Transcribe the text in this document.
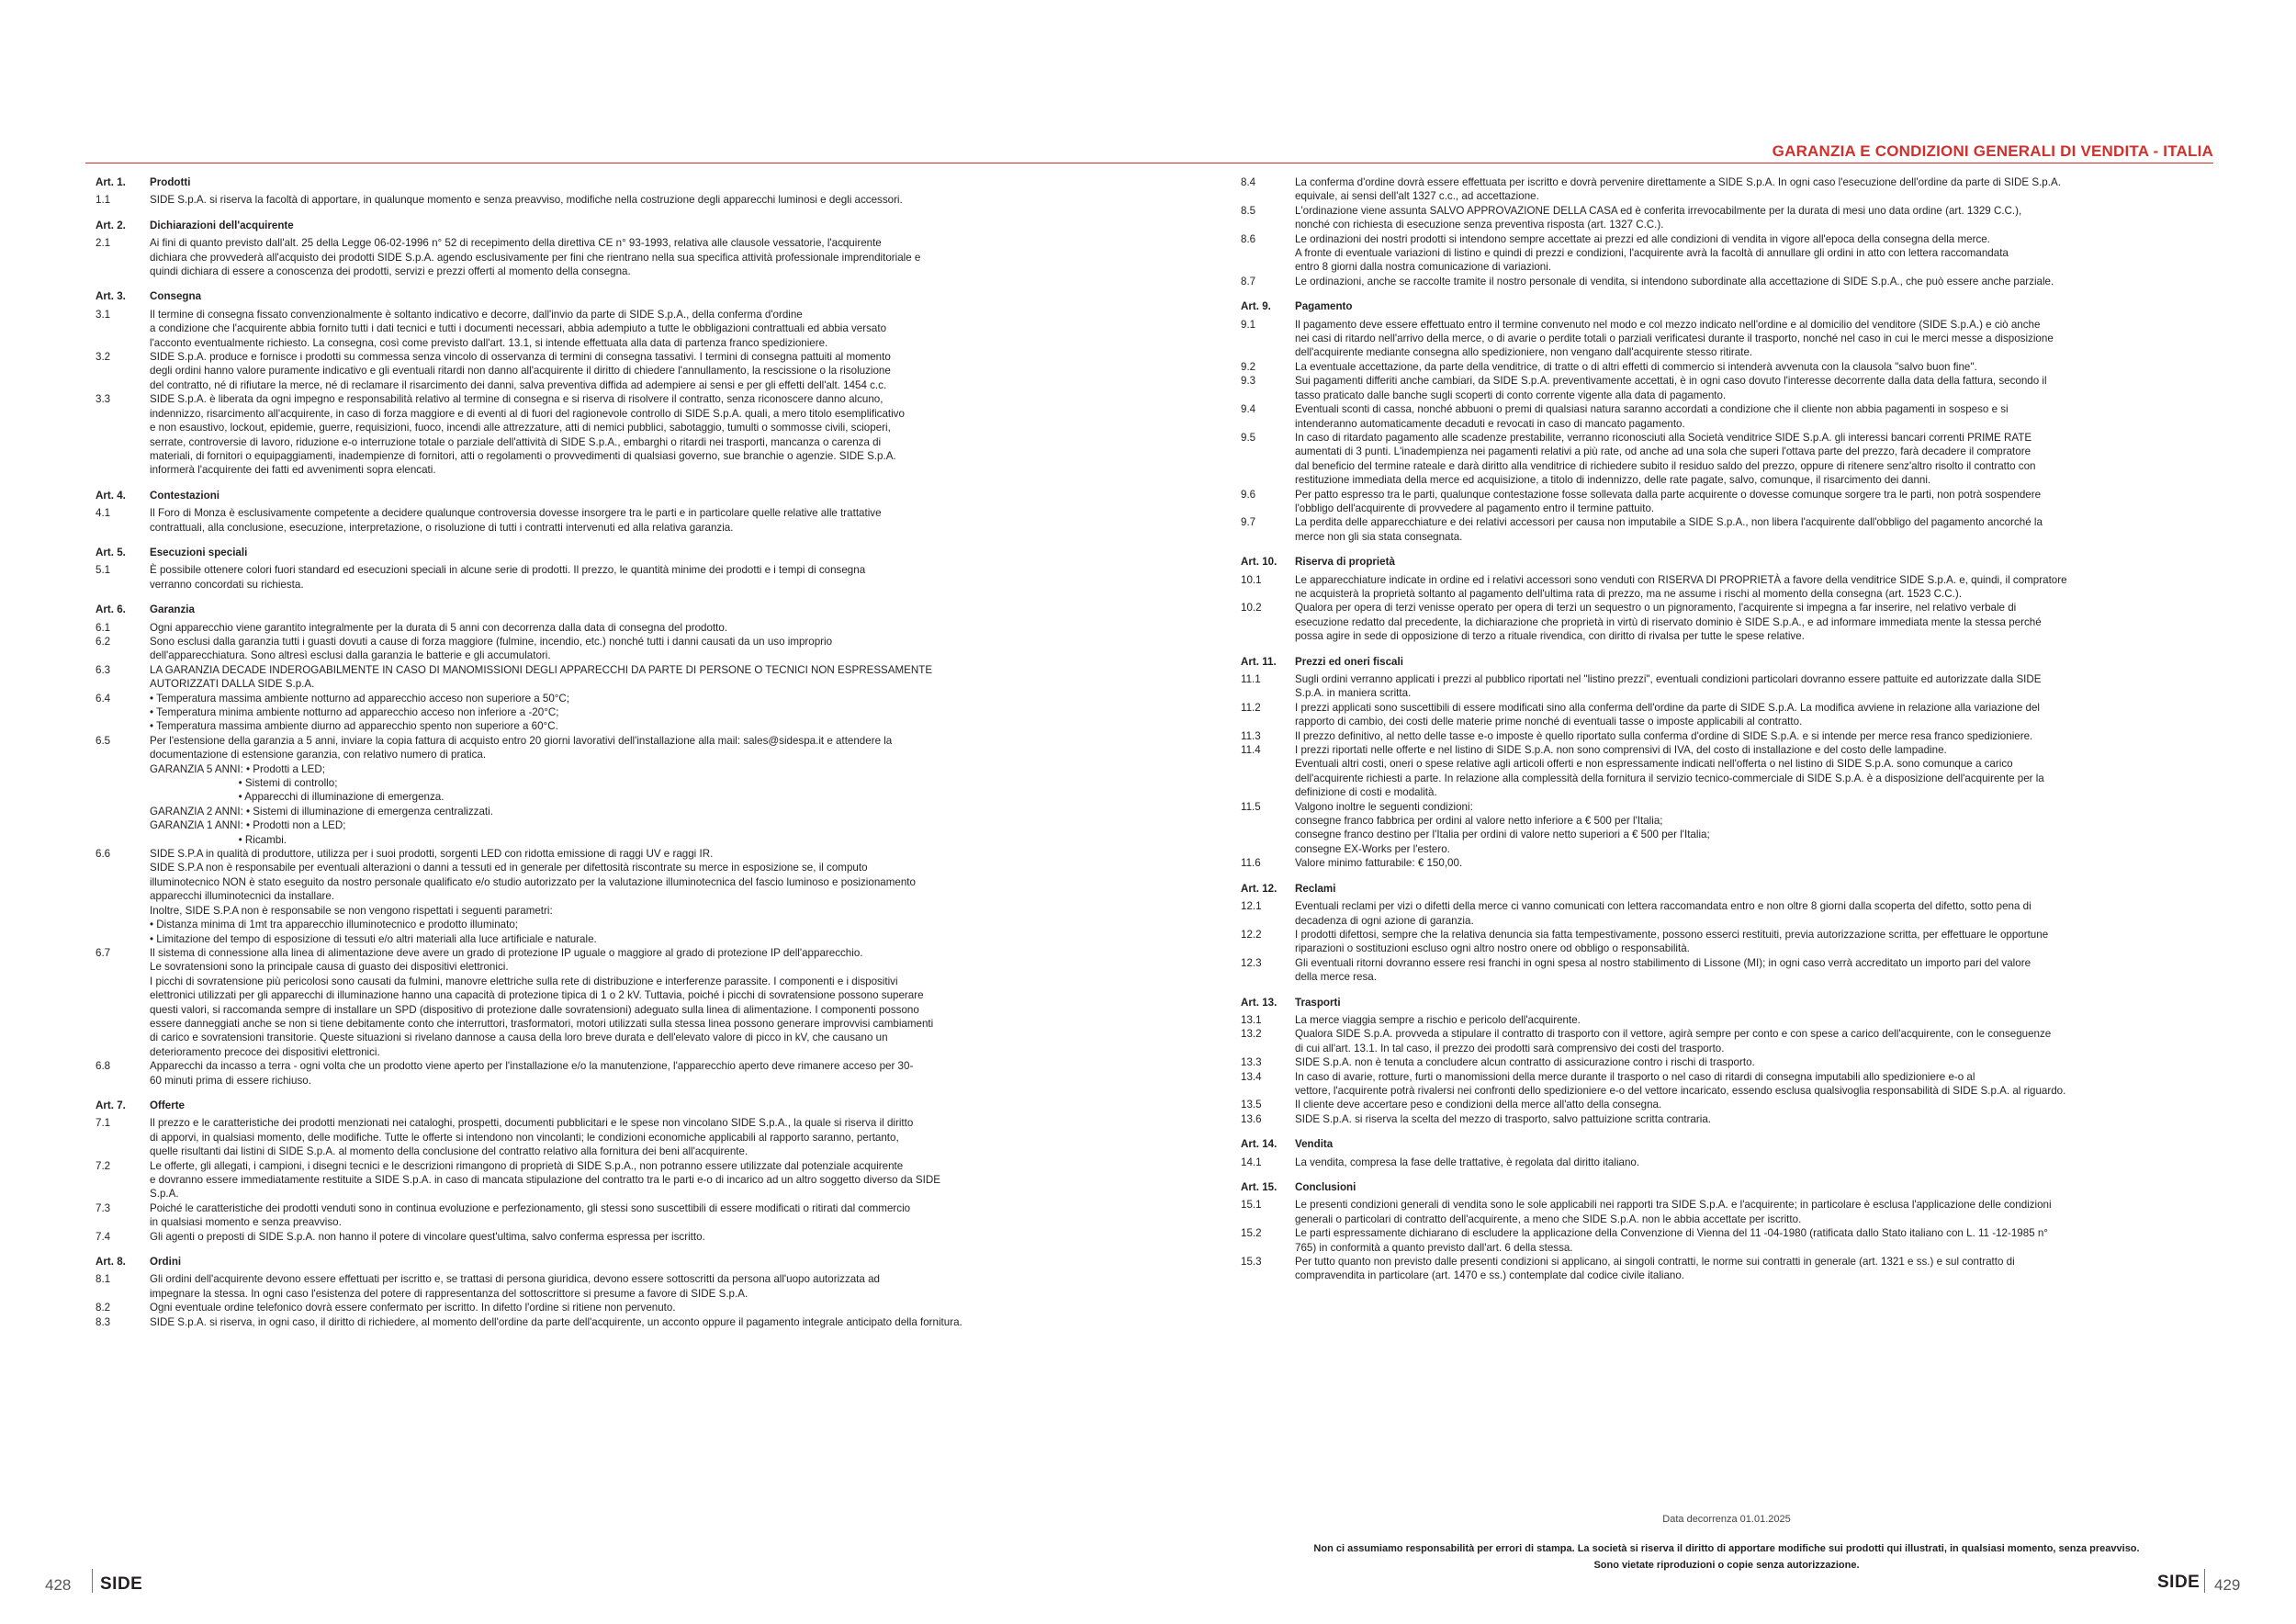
GARANZIA E CONDIZIONI GENERALI DI VENDITA - ITALIA
Art. 1.	Prodotti
1.1	SIDE S.p.A. si riserva la facoltà di apportare, in qualunque momento e senza preavviso, modifiche nella costruzione degli apparecchi luminosi e degli accessori.
Art. 2.	Dichiarazioni dell'acquirente
2.1	Ai fini di quanto previsto dall'alt. 25 della Legge 06-02-1996 n° 52 di recepimento della direttiva CE n° 93-1993, relativa alle clausole vessatorie, l'acquirente
dichiara che provvederà all'acquisto dei prodotti SIDE S.p.A. agendo esclusivamente per fini che rientrano nella sua specifica attività professionale imprenditoriale e
quindi dichiara di essere a conoscenza dei prodotti, servizi e prezzi offerti al momento della consegna.
Art. 3.	Consegna
3.1	Il termine di consegna fissato convenzionalmente è soltanto indicativo e decorre, dall'invio da parte di SIDE S.p.A., della conferma d'ordine
a condizione che l'acquirente abbia fornito tutti i dati tecnici e tutti i documenti necessari, abbia adempiuto a tutte le obbligazioni contrattuali ed abbia versato
l'acconto eventualmente richiesto. La consegna, così come previsto dall'art. 13.1, si intende effettuata alla data di partenza franco spedizioniere.
3.2	SIDE S.p.A. produce e fornisce i prodotti su commessa senza vincolo di osservanza di termini di consegna tassativi. I termini di consegna pattuiti al momento
degli ordini hanno valore puramente indicativo e gli eventuali ritardi non danno all'acquirente il diritto di chiedere l'annullamento, la rescissione o la risoluzione
del contratto, né di rifiutare la merce, né di reclamare il risarcimento dei danni, salva preventiva diffida ad adempiere ai sensi e per gli effetti dell'alt. 1454 c.c.
3.3	SIDE S.p.A. è liberata da ogni impegno e responsabilità relativo al termine di consegna e si riserva di risolvere il contratto, senza riconoscere danno alcuno,
indennizzo, risarcimento all'acquirente, in caso di forza maggiore e di eventi al di fuori del ragionevole controllo di SIDE S.p.A. quali, a mero titolo esemplificativo
e non esaustivo, lockout, epidemie, guerre, requisizioni, fuoco, incendi alle attrezzature, atti di nemici pubblici, sabotaggio, tumulti o sommosse civili, scioperi,
serrate, controversie di lavoro, riduzione e-o interruzione totale o parziale dell'attività di SIDE S.p.A., embarghi o ritardi nei trasporti, mancanza o carenza di
materiali, di fornitori o equipaggiamenti, inadempienze di fornitori, atti o regolamenti o provvedimenti di qualsiasi governo, sue branchie o agenzie. SIDE S.p.A.
informerà l'acquirente dei fatti ed avvenimenti sopra elencati.
Art. 4.	Contestazioni
4.1	Il Foro di Monza è esclusivamente competente a decidere qualunque controversia dovesse insorgere tra le parti e in particolare quelle relative alle trattative
contrattuali, alla conclusione, esecuzione, interpretazione, o risoluzione di tutti i contratti intervenuti ed alla relativa garanzia.
Art. 5.	Esecuzioni speciali
5.1	È possibile ottenere colori fuori standard ed esecuzioni speciali in alcune serie di prodotti. Il prezzo, le quantità minime dei prodotti e i tempi di consegna
verranno concordati su richiesta.
Art. 6.	Garanzia
6.1	Ogni apparecchio viene garantito integralmente per la durata di 5 anni con decorrenza dalla data di consegna del prodotto.
6.2	Sono esclusi dalla garanzia tutti i guasti dovuti a cause di forza maggiore (fulmine, incendio, etc.) nonché tutti i danni causati da un uso improprio
dell'apparecchiatura. Sono altresì esclusi dalla garanzia le batterie e gli accumulatori.
6.3	LA GARANZIA DECADE INDEROGABILMENTE IN CASO DI MANOMISSIONI DEGLI APPARECCHI DA PARTE DI PERSONE O TECNICI NON ESPRESSAMENTE
AUTORIZZATI DALLA SIDE S.p.A.
6.4	• Temperatura massima ambiente notturno ad apparecchio acceso non superiore a 50°C;
• Temperatura minima ambiente notturno ad apparecchio acceso non inferiore a -20°C;
• Temperatura massima ambiente diurno ad apparecchio spento non superiore a 60°C.
6.5	Per l'estensione della garanzia a 5 anni, inviare la copia fattura di acquisto entro 20 giorni lavorativi dell'installazione alla mail: sales@sidespa.it e attendere la
documentazione di estensione garanzia, con relativo numero di pratica.
GARANZIA 5 ANNI: • Prodotti a LED;
• Sistemi di controllo;
• Apparecchi di illuminazione di emergenza.
GARANZIA 2 ANNI: • Sistemi di illuminazione di emergenza centralizzati.
GARANZIA 1 ANNI: • Prodotti non a LED;
• Ricambi.
6.6	SIDE S.P.A in qualità di produttore, utilizza per i suoi prodotti, sorgenti LED con ridotta emissione di raggi UV e raggi IR.
SIDE S.P.A non è responsabile per eventuali alterazioni o danni a tessuti ed in generale per difettosità riscontrate su merce in esposizione se, il computo
illuminotecnico NON è stato eseguito da nostro personale qualificato e/o studio autorizzato per la valutazione illuminotecnica del fascio luminoso e posizionamento
apparecchi illuminotecnici da installare.
Inoltre, SIDE S.P.A non è responsabile se non vengono rispettati i seguenti parametri:
• Distanza minima di 1mt tra apparecchio illuminotecnico e prodotto illuminato;
• Limitazione del tempo di esposizione di tessuti e/o altri materiali alla luce artificiale e naturale.
6.7	Il sistema di connessione alla linea di alimentazione deve avere un grado di protezione IP uguale o maggiore al grado di protezione IP dell'apparecchio.
Le sovratensioni sono la principale causa di guasto dei dispositivi elettronici.
I picchi di sovratensione più pericolosi sono causati da fulmini, manovre elettriche sulla rete di distribuzione e interferenze parassite. I componenti e i dispositivi
elettronici utilizzati per gli apparecchi di illuminazione hanno una capacità di protezione tipica di 1 o 2 kV. Tuttavia, poiché i picchi di sovratensione possono superare
questi valori, si raccomanda sempre di installare un SPD (dispositivo di protezione dalle sovratensioni) adeguato sulla linea di alimentazione. I componenti possono
essere danneggiati anche se non si tiene debitamente conto che interruttori, trasformatori, motori utilizzati sulla stessa linea possono generare improvvisi cambiamenti
di carico e sovratensioni transitorie. Queste situazioni si rivelano dannose a causa della loro breve durata e dell'elevato valore di picco in kV, che causano un
deterioramento precoce dei dispositivi elettronici.
6.8	Apparecchi da incasso a terra - ogni volta che un prodotto viene aperto per l'installazione e/o la manutenzione, l'apparecchio aperto deve rimanere acceso per 30-
60 minuti prima di essere richiuso.
Art. 7.	Offerte
7.1	Il prezzo e le caratteristiche dei prodotti menzionati nei cataloghi, prospetti, documenti pubblicitari e le spese non vincolano SIDE S.p.A., la quale si riserva il diritto
di apporvi, in qualsiasi momento, delle modifiche. Tutte le offerte si intendono non vincolanti; le condizioni economiche applicabili al rapporto saranno, pertanto,
quelle risultanti dai listini di SIDE S.p.A. al momento della conclusione del contratto relativo alla fornitura dei beni all'acquirente.
7.2	Le offerte, gli allegati, i campioni, i disegni tecnici e le descrizioni rimangono di proprietà di SIDE S.p.A., non potranno essere utilizzate dal potenziale acquirente
e dovranno essere immediatamente restituite a SIDE S.p.A. in caso di mancata stipulazione del contratto tra le parti e-o di incarico ad un altro soggetto diverso da SIDE
S.p.A.
7.3	Poiché le caratteristiche dei prodotti venduti sono in continua evoluzione e perfezionamento, gli stessi sono suscettibili di essere modificati o ritirati dal commercio
in qualsiasi momento e senza preavviso.
7.4	Gli agenti o preposti di SIDE S.p.A. non hanno il potere di vincolare quest'ultima, salvo conferma espressa per iscritto.
Art. 8.	Ordini
8.1	Gli ordini dell'acquirente devono essere effettuati per iscritto e, se trattasi di persona giuridica, devono essere sottoscritti da persona all'uopo autorizzata ad
impegnare la stessa. In ogni caso l'esistenza del potere di rappresentanza del sottoscrittore si presume a favore di SIDE S.p.A.
8.2	Ogni eventuale ordine telefonico dovrà essere confermato per iscritto. In difetto l'ordine si ritiene non pervenuto.
8.3	SIDE S.p.A. si riserva, in ogni caso, il diritto di richiedere, al momento dell'ordine da parte dell'acquirente, un acconto oppure il pagamento integrale anticipato della fornitura.
8.4	La conferma d'ordine dovrà essere effettuata per iscritto e dovrà pervenire direttamente a SIDE S.p.A. In ogni caso l'esecuzione dell'ordine da parte di SIDE S.p.A.
equivale, ai sensi dell'alt 1327 c.c., ad accettazione.
8.5	L'ordinazione viene assunta SALVO APPROVAZIONE DELLA CASA ed è conferita irrevocabilmente per la durata di mesi uno data ordine (art. 1329 C.C.),
nonché con richiesta di esecuzione senza preventiva risposta (art. 1327 C.C.).
8.6	Le ordinazioni dei nostri prodotti si intendono sempre accettate ai prezzi ed alle condizioni di vendita in vigore all'epoca della consegna della merce.
A fronte di eventuale variazioni di listino e quindi di prezzi e condizioni, l'acquirente avrà la facoltà di annullare gli ordini in atto con lettera raccomandata
entro 8 giorni dalla nostra comunicazione di variazioni.
8.7	Le ordinazioni, anche se raccolte tramite il nostro personale di vendita, si intendono subordinate alla accettazione di SIDE S.p.A., che può essere anche parziale.
Art. 9.	Pagamento
9.1	Il pagamento deve essere effettuato entro il termine convenuto nel modo e col mezzo indicato nell'ordine e al domicilio del venditore (SIDE S.p.A.) e ciò anche
nei casi di ritardo nell'arrivo della merce, o di avarie o perdite totali o parziali verificatesi durante il trasporto, nonché nel caso in cui le merci messe a disposizione
dell'acquirente mediante consegna allo spedizioniere, non vengano dall'acquirente stesso ritirate.
9.2	La eventuale accettazione, da parte della venditrice, di tratte o di altri effetti di commercio si intenderà avvenuta con la clausola "salvo buon fine".
9.3	Sui pagamenti differiti anche cambiari, da SIDE S.p.A. preventivamente accettati, è in ogni caso dovuto l'interesse decorrente dalla data della fattura, secondo il
tasso praticato dalle banche sugli scoperti di conto corrente vigente alla data di pagamento.
9.4	Eventuali sconti di cassa, nonché abbuoni o premi di qualsiasi natura saranno accordati a condizione che il cliente non abbia pagamenti in sospeso e si
intenderanno automaticamente decaduti e revocati in caso di mancato pagamento.
9.5	In caso di ritardato pagamento alle scadenze prestabilite, verranno riconosciuti alla Società venditrice SIDE S.p.A. gli interessi bancari correnti PRIME RATE
aumentati di 3 punti. L'inadempienza nei pagamenti relativi a più rate, od anche ad una sola che superi l'ottava parte del prezzo, farà decadere il compratore
dal beneficio del termine rateale e darà diritto alla venditrice di richiedere subito il residuo saldo del prezzo, oppure di ritenere senz'altro risolto il contratto con
restituzione immediata della merce ed acquisizione, a titolo di indennizzo, delle rate pagate, salvo, comunque, il risarcimento dei danni.
9.6	Per patto espresso tra le parti, qualunque contestazione fosse sollevata dalla parte acquirente o dovesse comunque sorgere tra le parti, non potrà sospendere
l'obbligo dell'acquirente di provvedere al pagamento entro il termine pattuito.
9.7	La perdita delle apparecchiature e dei relativi accessori per causa non imputabile a SIDE S.p.A., non libera l'acquirente dall'obbligo del pagamento ancorché la
merce non gli sia stata consegnata.
Art. 10.	Riserva di proprietà
10.1	Le apparecchiature indicate in ordine ed i relativi accessori sono venduti con RISERVA DI PROPRIETÀ a favore della venditrice SIDE S.p.A. e, quindi, il compratore
ne acquisterà la proprietà soltanto al pagamento dell'ultima rata di prezzo, ma ne assume i rischi al momento della consegna (art. 1523 C.C.).
10.2	Qualora per opera di terzi venisse operato per opera di terzi un sequestro o un pignoramento, l'acquirente si impegna a far inserire, nel relativo verbale di
esecuzione redatto dal precedente, la dichiarazione che proprietà in virtù di riservato dominio è SIDE S.p.A., e ad informare immediata mente la stessa perché
possa agire in sede di opposizione di terzo a rituale rivendica, con diritto di rivalsa per tutte le spese relative.
Art. 11.	Prezzi ed oneri fiscali
11.1	Sugli ordini verranno applicati i prezzi al pubblico riportati nel "listino prezzi", eventuali condizioni particolari dovranno essere pattuite ed autorizzate dalla SIDE
S.p.A. in maniera scritta.
11.2	I prezzi applicati sono suscettibili di essere modificati sino alla conferma dell'ordine da parte di SIDE S.p.A. La modifica avviene in relazione alla variazione del
rapporto di cambio, dei costi delle materie prime nonché di eventuali tasse o imposte applicabili al contratto.
11.3	Il prezzo definitivo, al netto delle tasse e-o imposte è quello riportato sulla conferma d'ordine di SIDE S.p.A. e si intende per merce resa franco spedizioniere.
11.4	I prezzi riportati nelle offerte e nel listino di SIDE S.p.A. non sono comprensivi di IVA, del costo di installazione e del costo delle lampadine.
Eventuali altri costi, oneri o spese relative agli articoli offerti e non espressamente indicati nell'offerta o nel listino di SIDE S.p.A. sono comunque a carico
dell'acquirente richiesti a parte. In relazione alla complessità della fornitura il servizio tecnico-commerciale di SIDE S.p.A. è a disposizione dell'acquirente per la
definizione di costi e modalità.
11.5	Valgono inoltre le seguenti condizioni:
consegne franco fabbrica per ordini al valore netto inferiore a € 500 per l'Italia;
consegne franco destino per l'Italia per ordini di valore netto superiori a € 500 per l'Italia;
consegne EX-Works per l'estero.
11.6	Valore minimo fatturabile: € 150,00.
Art. 12.	Reclami
12.1	Eventuali reclami per vizi o difetti della merce ci vanno comunicati con lettera raccomandata entro e non oltre 8 giorni dalla scoperta del difetto, sotto pena di
decadenza di ogni azione di garanzia.
12.2	I prodotti difettosi, sempre che la relativa denuncia sia fatta tempestivamente, possono esserci restituiti, previa autorizzazione scritta, per effettuare le opportune
riparazioni o sostituzioni escluso ogni altro nostro onere od obbligo o responsabilità.
12.3	Gli eventuali ritorni dovranno essere resi franchi in ogni spesa al nostro stabilimento di Lissone (MI); in ogni caso verrà accreditato un importo pari del valore
della merce resa.
Art. 13.	Trasporti
13.1	La merce viaggia sempre a rischio e pericolo dell'acquirente.
13.2	Qualora SIDE S.p.A. provveda a stipulare il contratto di trasporto con il vettore, agirà sempre per conto e con spese a carico dell'acquirente, con le conseguenze
di cui all'art. 13.1. In tal caso, il prezzo dei prodotti sarà comprensivo dei costi del trasporto.
13.3	SIDE S.p.A. non è tenuta a concludere alcun contratto di assicurazione contro i rischi di trasporto.
13.4	In caso di avarie, rotture, furti o manomissioni della merce durante il trasporto o nel caso di ritardi di consegna imputabili allo spedizioniere e-o al
vettore, l'acquirente potrà rivalersi nei confronti dello spedizioniere e-o del vettore incaricato, essendo esclusa qualsivoglia responsabilità di SIDE S.p.A. al riguardo.
13.5	Il cliente deve accertare peso e condizioni della merce all'atto della consegna.
13.6	SIDE S.p.A. si riserva la scelta del mezzo di trasporto, salvo pattuizione scritta contraria.
Art. 14.	Vendita
14.1	La vendita, compresa la fase delle trattative, è regolata dal diritto italiano.
Art. 15.	Conclusioni
15.1	Le presenti condizioni generali di vendita sono le sole applicabili nei rapporti tra SIDE S.p.A. e l'acquirente; in particolare è esclusa l'applicazione delle condizioni
generali o particolari di contratto dell'acquirente, a meno che SIDE S.p.A. non le abbia accettate per iscritto.
15.2	Le parti espressamente dichiarano di escludere la applicazione della Convenzione di Vienna del 11 -04-1980 (ratificata dallo Stato italiano con L. 11 -12-1985 n°
765) in conformità a quanto previsto dall'art. 6 della stessa.
15.3	Per tutto quanto non previsto dalle presenti condizioni si applicano, ai singoli contratti, le norme sui contratti in generale (art. 1321 e ss.) e sul contratto di
compravendita in particolare (art. 1470 e ss.) contemplate dal codice civile italiano.
Data decorrenza 01.01.2025
Non ci assumiamo responsabilità per errori di stampa. La società si riserva il diritto di apportare modifiche sui prodotti qui illustrati, in qualsiasi momento, senza preavviso.
Sono vietate riproduzioni o copie senza autorizzazione.
428 SIDE	SIDE 429
